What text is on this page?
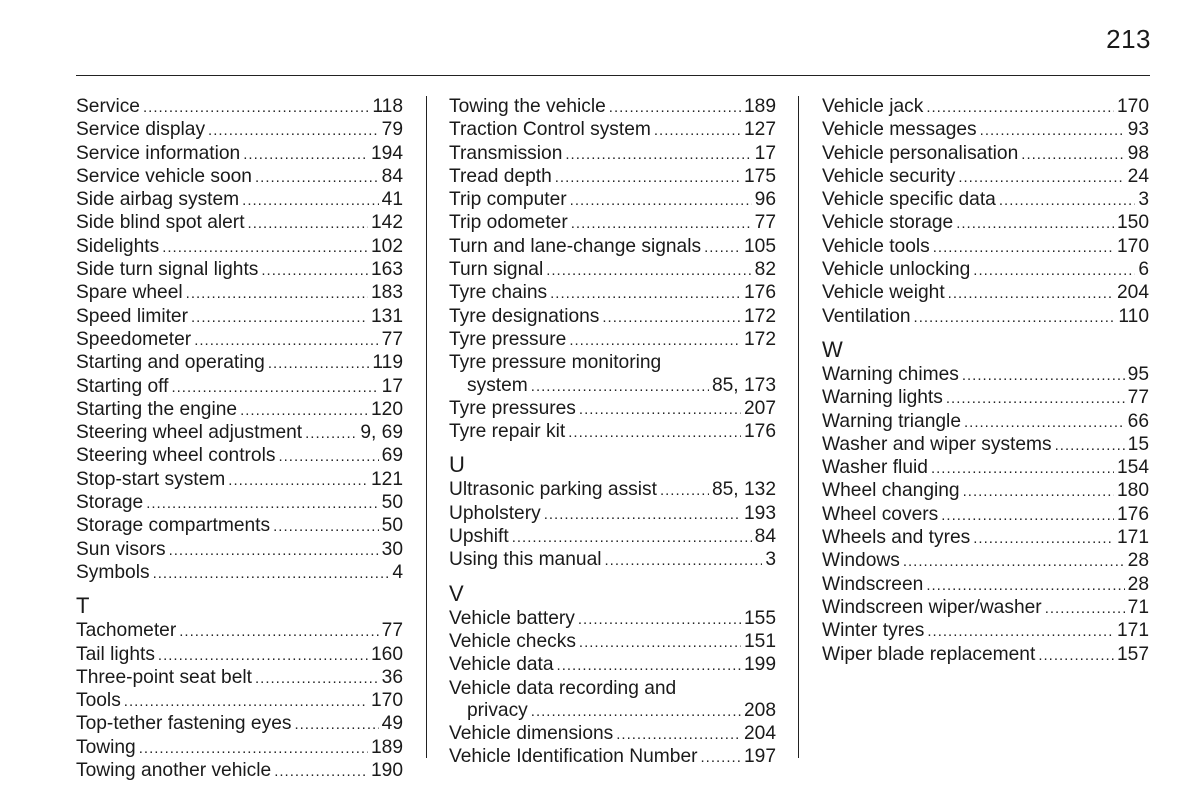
213
Service .....	118
Service display .....	79
Service information .....	194
Service vehicle soon .....	84
Side airbag system .....	41
Side blind spot alert .....	142
Sidelights .....	102
Side turn signal lights .....	163
Spare wheel .....	183
Speed limiter .....	131
Speedometer .....	77
Starting and operating .....	119
Starting off .....	17
Starting the engine .....	120
Steering wheel adjustment .....	9, 69
Steering wheel controls .....	69
Stop-start system .....	121
Storage .....	50
Storage compartments .....	50
Sun visors .....	30
Symbols .....	4
T
Tachometer .....	77
Tail lights .....	160
Three-point seat belt .....	36
Tools .....	170
Top-tether fastening eyes .....	49
Towing .....	189
Towing another vehicle .....	190
Towing the vehicle .....	189
Traction Control system .....	127
Transmission .....	17
Tread depth .....	175
Trip computer .....	96
Trip odometer .....	77
Turn and lane-change signals ..... 105
Turn signal .....	82
Tyre chains .....	176
Tyre designations .....	172
Tyre pressure .....	172
Tyre pressure monitoring
system .....	85, 173
Tyre pressures .....	207
Tyre repair kit .....	176
U
Ultrasonic parking assist .....	85, 132
Upholstery .....	193
Upshift .....	84
Using this manual .....	3
V
Vehicle battery .....	155
Vehicle checks .....	151
Vehicle data .....	199
Vehicle data recording and
privacy .....	208
Vehicle dimensions .....	204
Vehicle Identification Number ..... 197
Vehicle jack .....	170
Vehicle messages .....	93
Vehicle personalisation .....	98
Vehicle security .....	24
Vehicle specific data .....	3
Vehicle storage .....	150
Vehicle tools .....	170
Vehicle unlocking .....	6
Vehicle weight .....	204
Ventilation .....	110
W
Warning chimes .....	95
Warning lights .....	77
Warning triangle .....	66
Washer and wiper systems .....	15
Washer fluid .....	154
Wheel changing .....	180
Wheel covers .....	176
Wheels and tyres .....	171
Windows .....	28
Windscreen .....	28
Windscreen wiper/washer .....	71
Winter tyres .....	171
Wiper blade replacement .....	157
